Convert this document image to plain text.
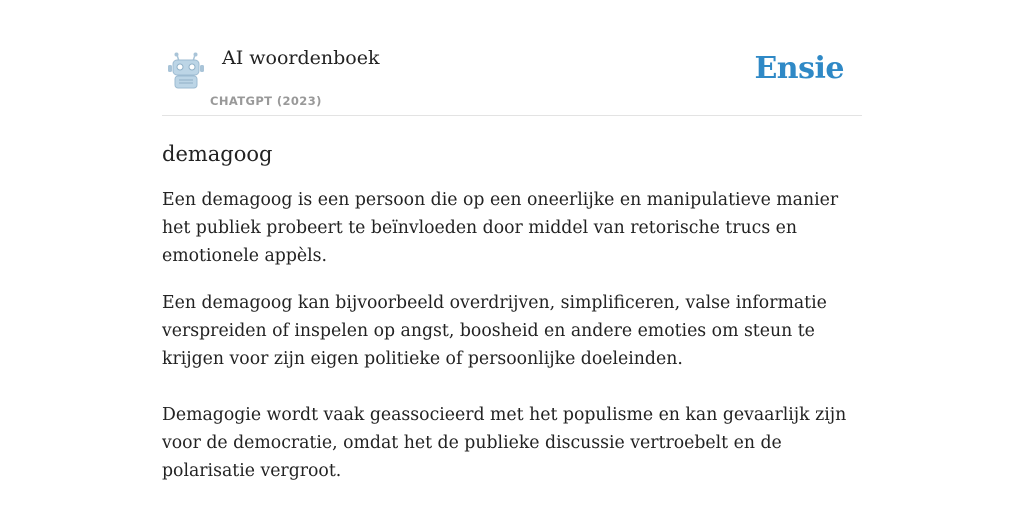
AI woordenboek
CHATGPT (2023)
Ensie
demagoog

Een demagoog is een persoon die op een oneerlijke en manipulatieve manier het publiek probeert te beïnvloeden door middel van retorische trucs en emotionele appèls.

Een demagoog kan bijvoorbeeld overdrijven, simplificeren, valse informatie verspreiden of inspelen op angst, boosheid en andere emoties om steun te krijgen voor zijn eigen politieke of persoonlijke doeleinden.

Demagogie wordt vaak geassocieerd met het populisme en kan gevaarlijk zijn voor de democratie, omdat het de publieke discussie vertroebelt en de polarisatie vergroot.
